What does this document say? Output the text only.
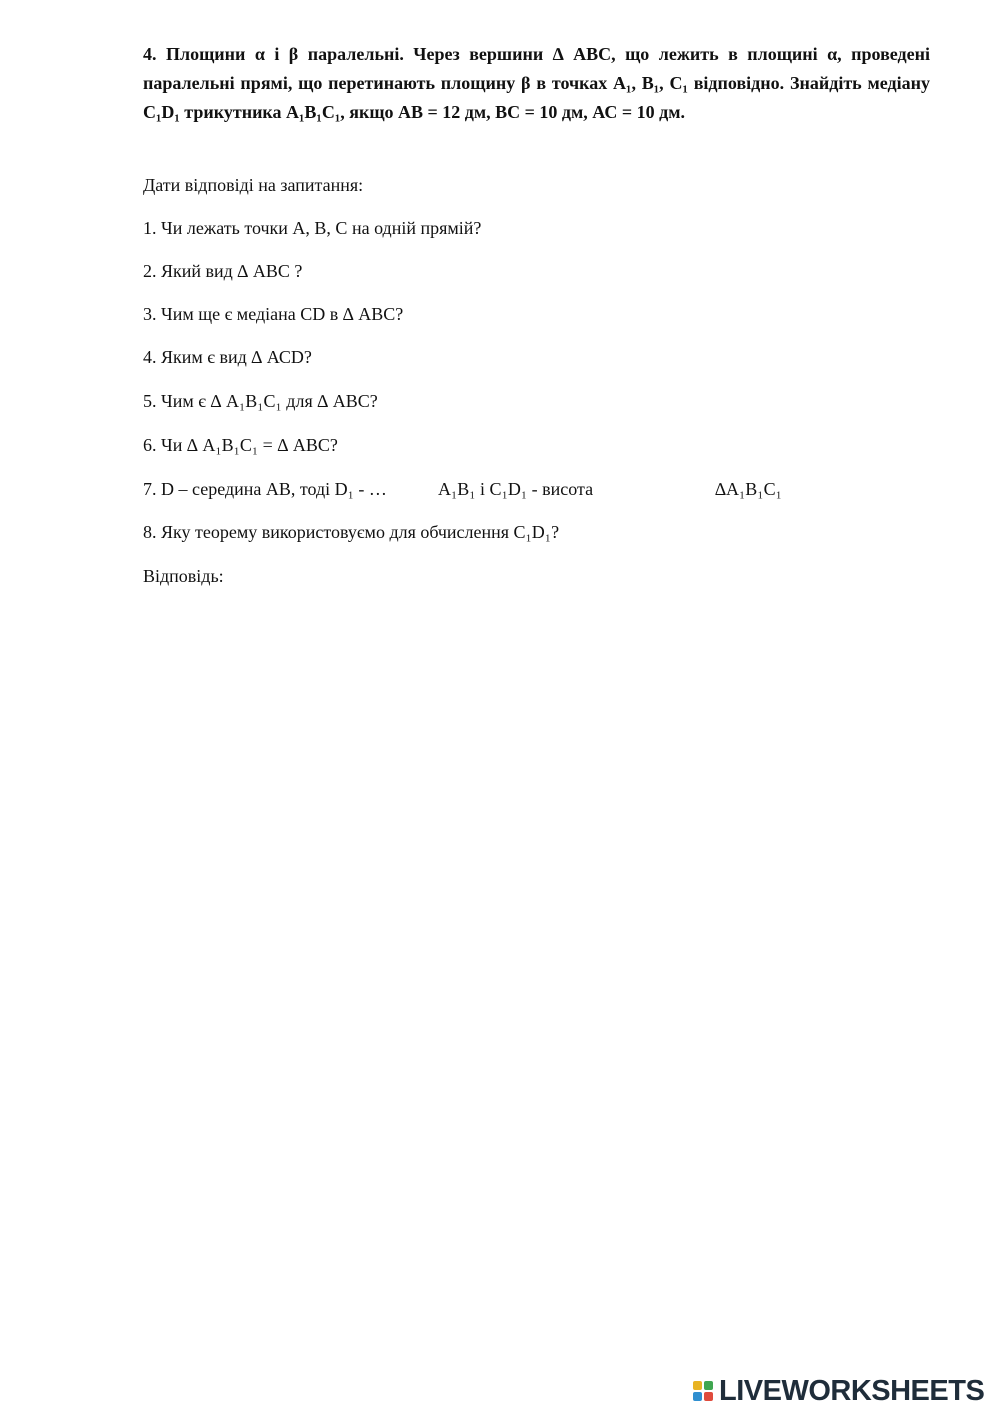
4. Площини α і β паралельні. Через вершини ∆ АВС, що лежить в площині α, проведені паралельні прямі, що перетинають площину β в точках А₁, В₁, С₁ відповідно. Знайдіть медіану С₁D₁ трикутника А₁В₁С₁, якщо АВ = 12 дм, ВС = 10 дм, АС = 10 дм.

Дати відповіді на запитання:

1. Чи лежать точки А, В, С на одній прямій?

2. Який вид ∆ АВС ?

3. Чим ще є медіана CD в ∆ АВС?

4. Яким є вид ∆ АСD?

5. Чим є ∆ А₁В₁С₁ для ∆ АВС?

6. Чи ∆ А₁В₁С₁ = ∆ АВС?

7. D – середина АВ, тоді D₁ - …	А₁В₁ і С₁D₁ - висота	∆А₁В₁С₁

8. Яку теорему використовуємо для обчислення С₁D₁?

Відповідь:

LIVEWORKSHEETS
